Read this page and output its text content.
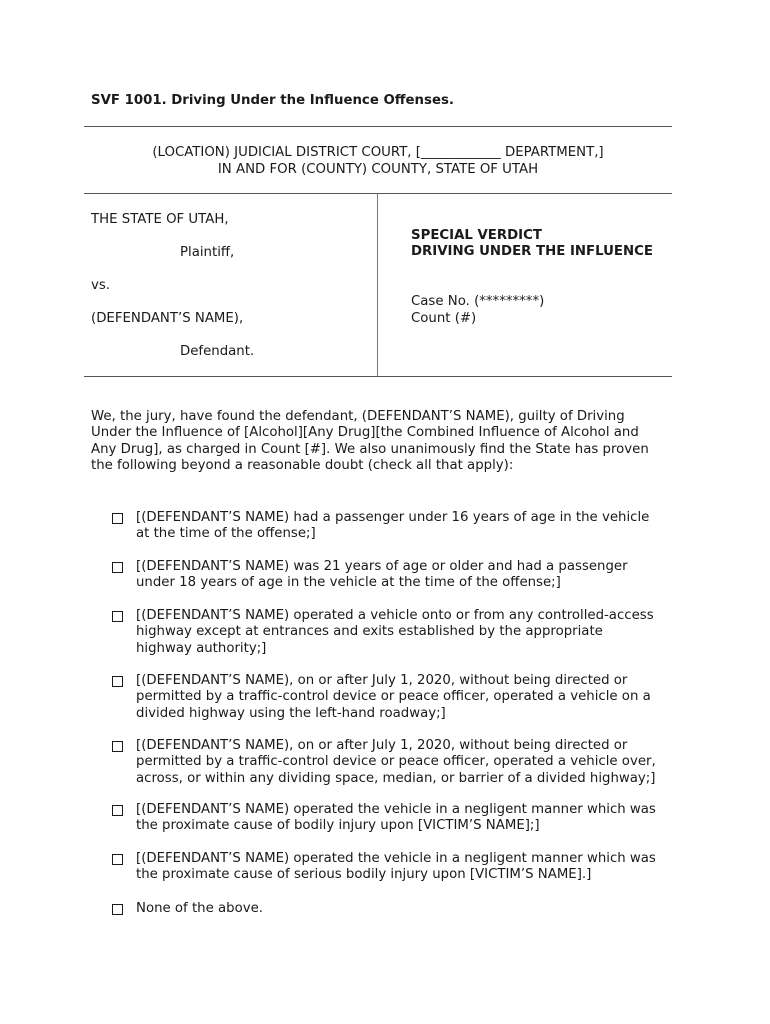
SVF 1001. Driving Under the Influence Offenses.
(LOCATION) JUDICIAL DISTRICT COURT, [____________ DEPARTMENT,]
IN AND FOR (COUNTY) COUNTY, STATE OF UTAH
THE STATE OF UTAH,
Plaintiff,
vs.
(DEFENDANT’S NAME),
Defendant.
SPECIAL VERDICT
DRIVING UNDER THE INFLUENCE
Case No. (*********)
Count (#)
We, the jury, have found the defendant, (DEFENDANT’S NAME), guilty of Driving
Under the Influence of [Alcohol][Any Drug][the Combined Influence of Alcohol and
Any Drug], as charged in Count [#]. We also unanimously find the State has proven
the following beyond a reasonable doubt (check all that apply):
[(DEFENDANT’S NAME) had a passenger under 16 years of age in the vehicle
at the time of the offense;]
[(DEFENDANT’S NAME) was 21 years of age or older and had a passenger
under 18 years of age in the vehicle at the time of the offense;]
[(DEFENDANT’S NAME) operated a vehicle onto or from any controlled-access
highway except at entrances and exits established by the appropriate
highway authority;]
[(DEFENDANT’S NAME), on or after July 1, 2020, without being directed or
permitted by a traffic-control device or peace officer, operated a vehicle on a
divided highway using the left-hand roadway;]
[(DEFENDANT’S NAME), on or after July 1, 2020, without being directed or
permitted by a traffic-control device or peace officer, operated a vehicle over,
across, or within any dividing space, median, or barrier of a divided highway;]
[(DEFENDANT’S NAME) operated the vehicle in a negligent manner which was
the proximate cause of bodily injury upon [VICTIM’S NAME];]
[(DEFENDANT’S NAME) operated the vehicle in a negligent manner which was
the proximate cause of serious bodily injury upon [VICTIM’S NAME].]
None of the above.
